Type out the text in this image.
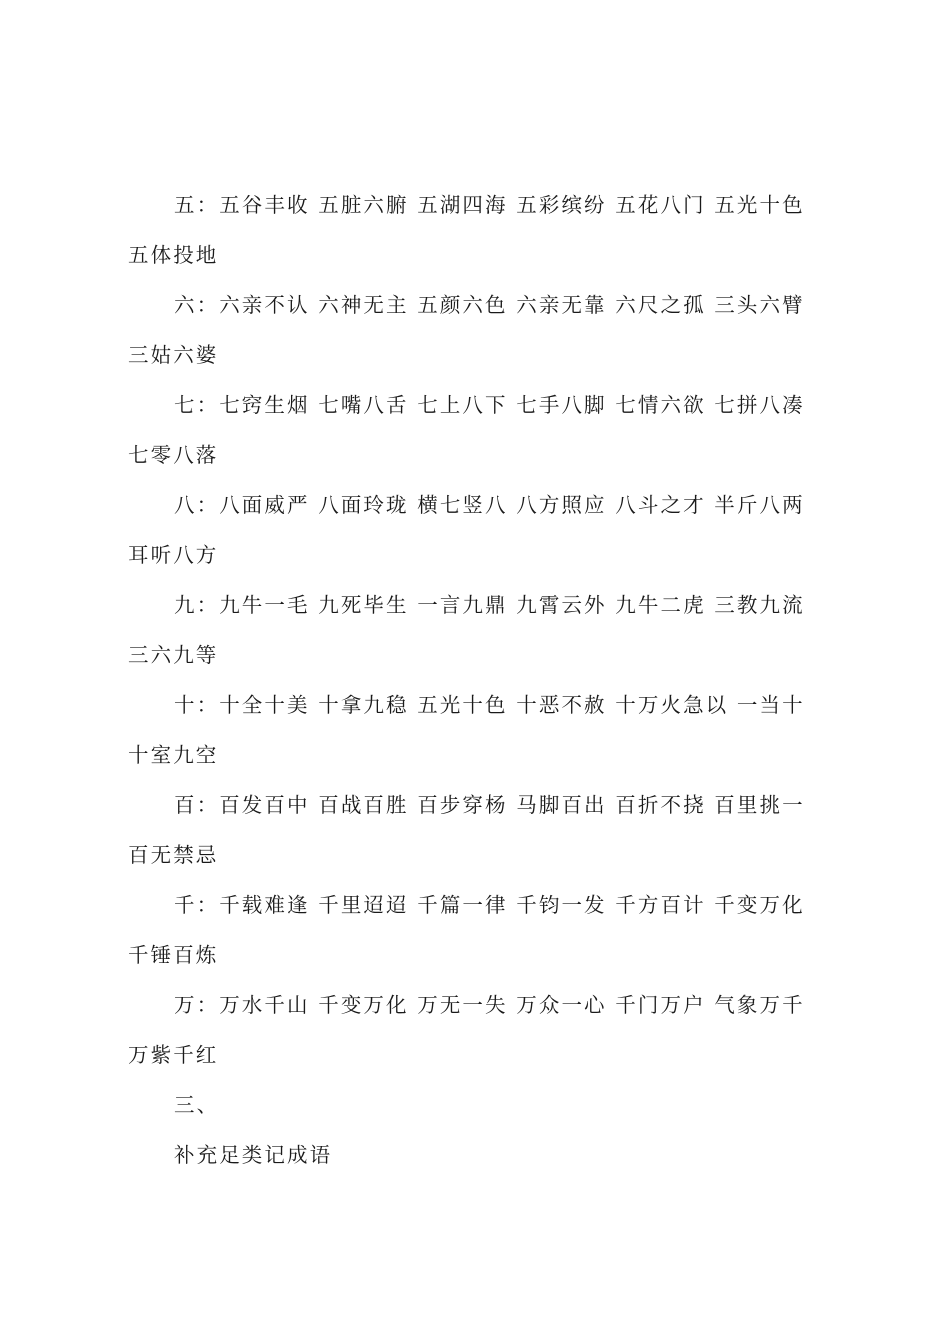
五：五谷丰收 五脏六腑 五湖四海 五彩缤纷 五花八门 五光十色
五体投地

六：六亲不认 六神无主 五颜六色 六亲无靠 六尺之孤 三头六臂
三姑六婆

七：七窍生烟 七嘴八舌 七上八下 七手八脚 七情六欲 七拼八凑
七零八落

八：八面威严 八面玲珑 横七竖八 八方照应 八斗之才 半斤八两
耳听八方

九：九牛一毛 九死毕生 一言九鼎 九霄云外 九牛二虎 三教九流
三六九等

十：十全十美 十拿九稳 五光十色 十恶不赦 十万火急以 一当十
十室九空

百：百发百中 百战百胜 百步穿杨 马脚百出 百折不挠 百里挑一
百无禁忌

千：千载难逢 千里迢迢 千篇一律 千钧一发 千方百计 千变万化
千锤百炼

万：万水千山 千变万化 万无一失 万众一心 千门万户 气象万千
万紫千红

三、

补充足类记成语
